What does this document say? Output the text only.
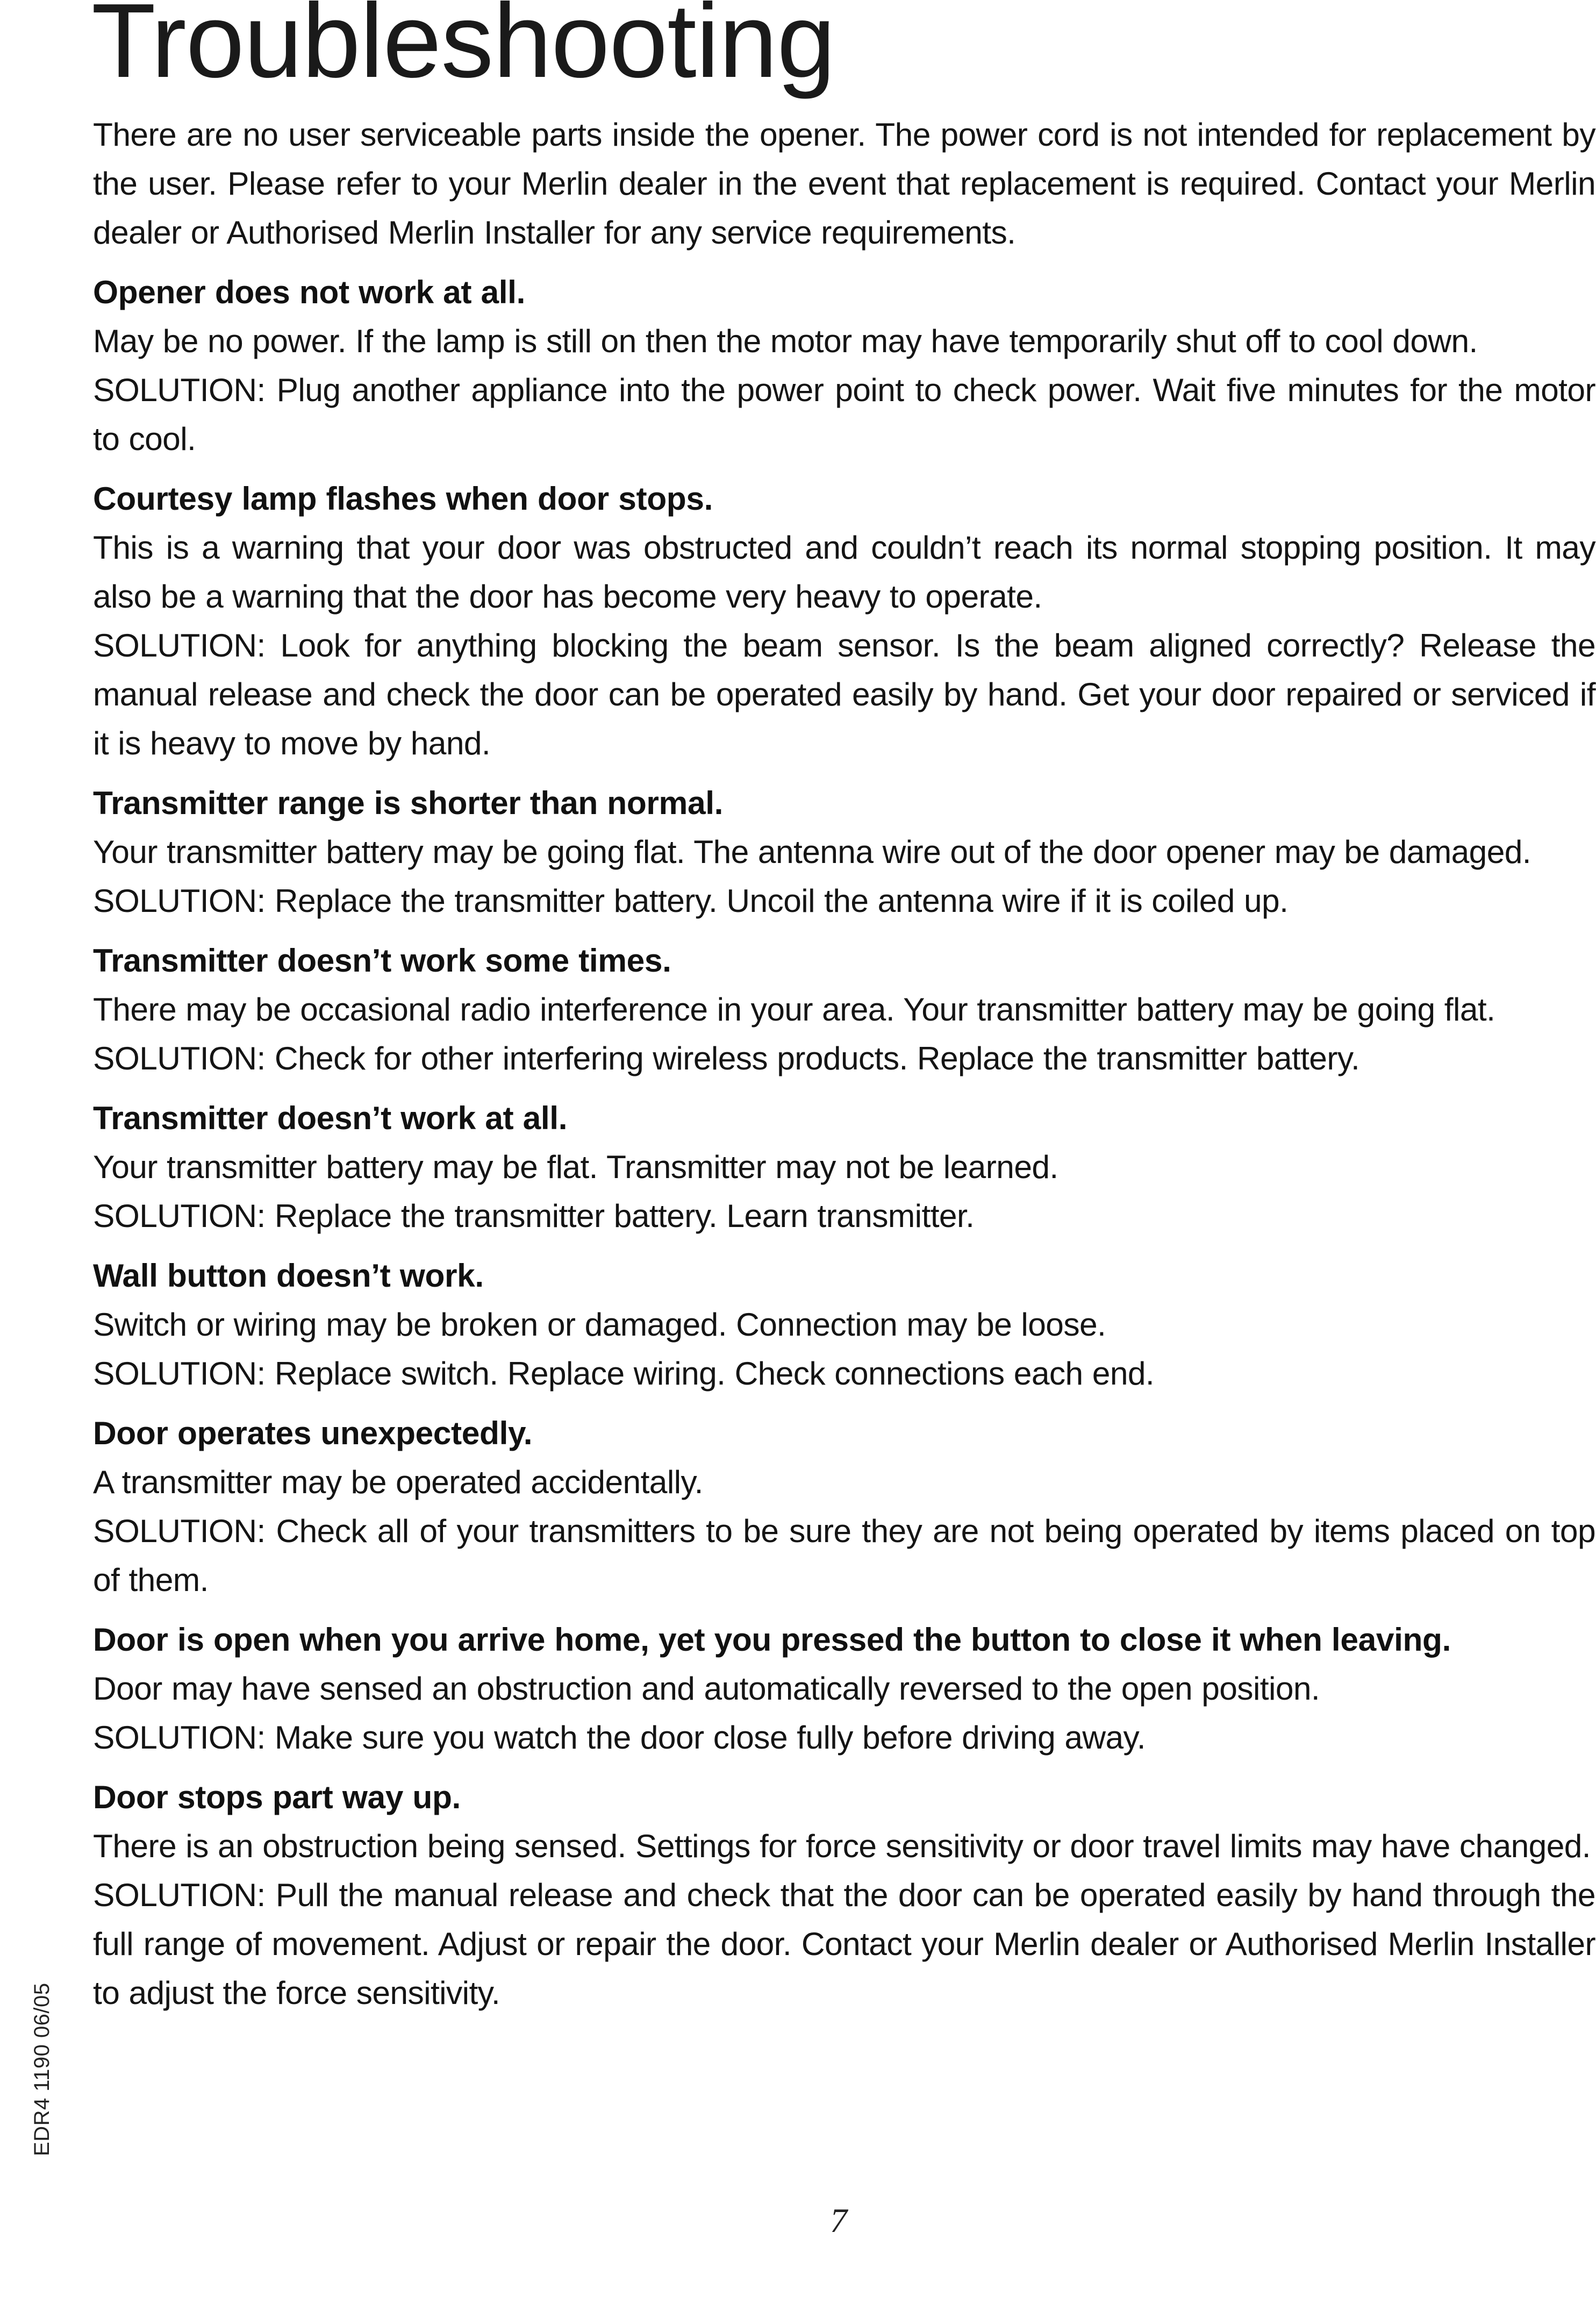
Troubleshooting

There are no user serviceable parts inside the opener. The power cord is not intended for replacement by the user. Please refer to your Merlin dealer in the event that replacement is required. Contact your Merlin dealer or Authorised Merlin Installer for any service requirements.

Opener does not work at all.

May be no power. If the lamp is still on then the motor may have temporarily shut off to cool down.

SOLUTION: Plug another appliance into the power point to check power. Wait five minutes for the motor to cool.

Courtesy lamp flashes when door stops.

This is a warning that your door was obstructed and couldn’t reach its normal stopping position. It may also be a warning that the door has become very heavy to operate.

SOLUTION: Look for anything blocking the beam sensor. Is the beam aligned correctly? Release the manual release and check the door can be operated easily by hand. Get your door repaired or serviced if it is heavy to move by hand.

Transmitter range is shorter than normal.

Your transmitter battery may be going flat. The antenna wire out of the door opener may be damaged.

SOLUTION: Replace the transmitter battery. Uncoil the antenna wire if it is coiled up.

Transmitter doesn’t work some times.

There may be occasional radio interference in your area. Your transmitter battery may be going flat.

SOLUTION: Check for other interfering wireless products. Replace the transmitter battery.

Transmitter doesn’t work at all.

Your transmitter battery may be flat. Transmitter may not be learned.

SOLUTION: Replace the transmitter battery. Learn transmitter.

Wall button doesn’t work.

Switch or wiring may be broken or damaged. Connection may be loose.

SOLUTION: Replace switch. Replace wiring. Check connections each end.

Door operates unexpectedly.

A transmitter may be operated accidentally.

SOLUTION: Check all of your transmitters to be sure they are not being operated by items placed on top of them.

Door is open when you arrive home, yet you pressed the button to close it when leaving.

Door may have sensed an obstruction and automatically reversed to the open position.

SOLUTION: Make sure you watch the door close fully before driving away.

Door stops part way up.

There is an obstruction being sensed. Settings for force sensitivity or door travel limits may have changed.

SOLUTION: Pull the manual release and check that the door can be operated easily by hand through the full range of movement. Adjust or repair the door. Contact your Merlin dealer or Authorised Merlin Installer to adjust the force sensitivity.

EDR4 1190 06/05
7
